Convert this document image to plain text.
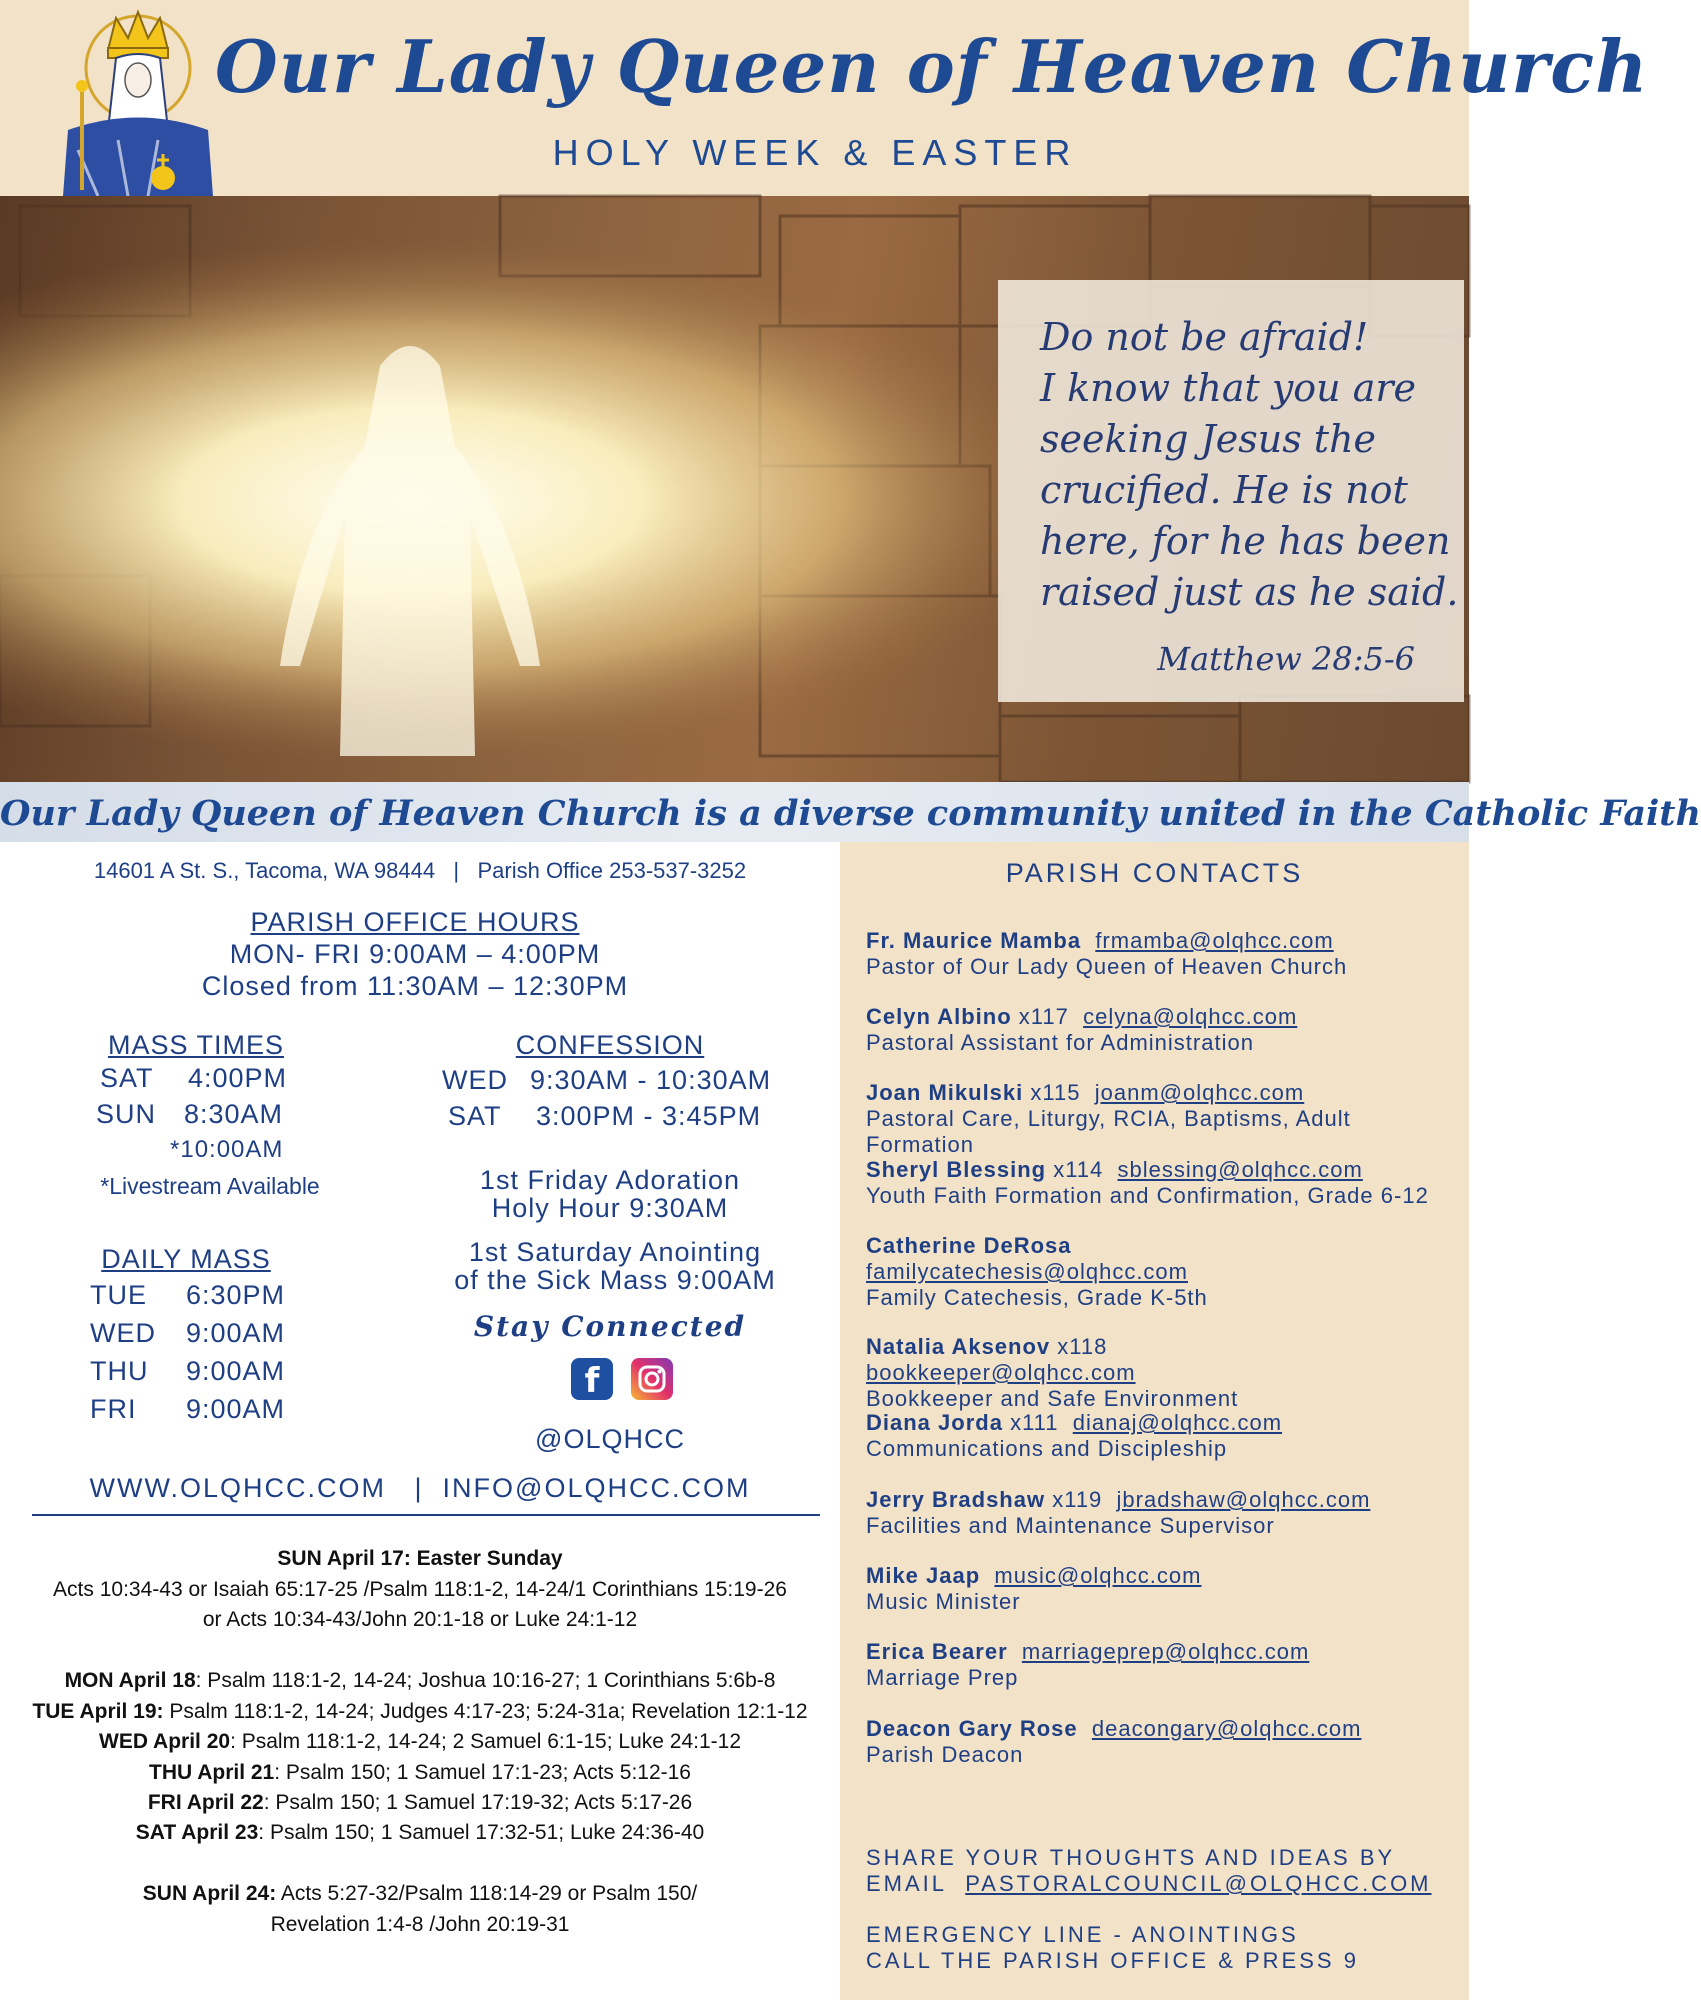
Our Lady Queen of Heaven Church
HOLY WEEK & EASTER
Do not be afraid!
I know that you are
seeking Jesus the
crucified. He is not
here, for he has been
raised just as he said.
Matthew 28:5-6
Our Lady Queen of Heaven Church is a diverse community united in the Catholic Faith
PARISH CONTACTS
Fr. Maurice Mamba frmamba@olqhcc.com
Pastor of Our Lady Queen of Heaven Church
Celyn Albino x117 celyna@olqhcc.com
Pastoral Assistant for Administration
Joan Mikulski x115 joanm@olqhcc.com
Pastoral Care, Liturgy, RCIA, Baptisms, Adult Formation
Sheryl Blessing x114 sblessing@olqhcc.com
Youth Faith Formation and Confirmation, Grade 6-12
Catherine DeRosa
familycatechesis@olqhcc.com
Family Catechesis, Grade K-5th
Natalia Aksenov x118
bookkeeper@olqhcc.com
Bookkeeper and Safe Environment
Diana Jorda x111 dianaj@olqhcc.com
Communications and Discipleship
Jerry Bradshaw x119 jbradshaw@olqhcc.com
Facilities and Maintenance Supervisor
Mike Jaap music@olqhcc.com
Music Minister
Erica Bearer marriageprep@olqhcc.com
Marriage Prep
Deacon Gary Rose deacongary@olqhcc.com
Parish Deacon
SHARE YOUR THOUGHTS AND IDEAS BY
EMAIL PASTORALCOUNCIL@OLQHCC.COM
EMERGENCY LINE - ANOINTINGS
CALL THE PARISH OFFICE & PRESS 9
14601 A St. S., Tacoma, WA 98444   |   Parish Office 253-537-3252
PARISH OFFICE HOURS
MON- FRI 9:00AM – 4:00PM
Closed from 11:30AM – 12:30PM
MASS TIMES
SAT 4:00PM
SUN 8:30AM
*10:00AM
*Livestream Available
CONFESSION
WED 9:30AM - 10:30AM
SAT 3:00PM - 3:45PM
1st Friday Adoration
Holy Hour 9:30AM
1st Saturday Anointing
of the Sick Mass 9:00AM
DAILY MASS
TUE 6:30PM
WED 9:00AM
THU 9:00AM
FRI 9:00AM
Stay Connected
f
@OLQHCC
WWW.OLQHCC.COM   |  INFO@OLQHCC.COM
SUN April 17: Easter Sunday
Acts 10:34-43 or Isaiah 65:17-25 /Psalm 118:1-2, 14-24/1 Corinthians 15:19-26
or Acts 10:34-43/John 20:1-18 or Luke 24:1-12
MON April 18: Psalm 118:1-2, 14-24; Joshua 10:16-27; 1 Corinthians 5:6b-8
TUE April 19: Psalm 118:1-2, 14-24; Judges 4:17-23; 5:24-31a; Revelation 12:1-12
WED April 20: Psalm 118:1-2, 14-24; 2 Samuel 6:1-15; Luke 24:1-12
THU April 21: Psalm 150; 1 Samuel 17:1-23; Acts 5:12-16
FRI April 22: Psalm 150; 1 Samuel 17:19-32; Acts 5:17-26
SAT April 23: Psalm 150; 1 Samuel 17:32-51; Luke 24:36-40
SUN April 24: Acts 5:27-32/Psalm 118:14-29 or Psalm 150/
Revelation 1:4-8 /John 20:19-31
